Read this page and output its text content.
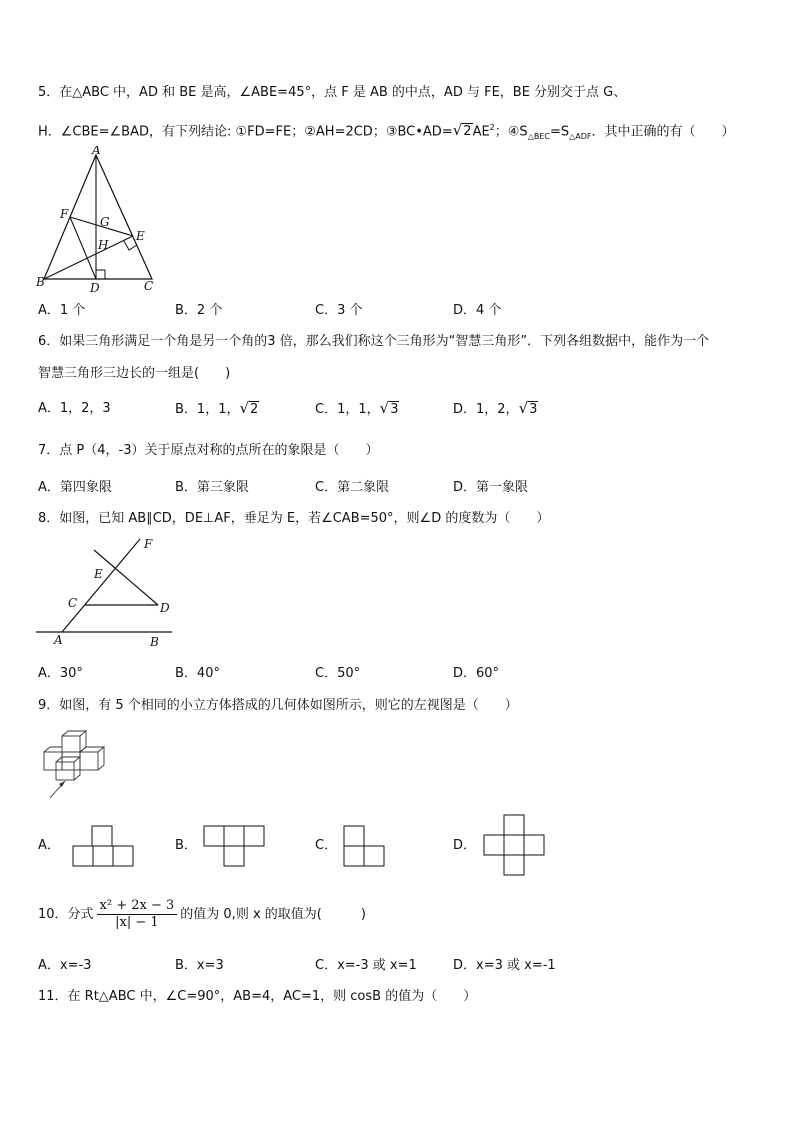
5．在△ABC 中，AD 和 BE 是高，∠ABE=45°，点 F 是 AB 的中点，AD 与 FE，BE 分别交于点 G、
H．∠CBE=∠BAD，有下列结论: ①FD=FE；②AH=2CD；③BC•AD= √ 2 $AE^2$；$④S_{\triangle BEC}=S_{\triangle ADF}$．其中正确的有（　　）
A
F
G
E
H
B	D	C
A．1 个	B．2 个	C．3 个	D．4 个
6．如果三角形满足一个角是另一个角的3 倍，那么我们称这个三角形为“智慧三角形”．下列各组数据中，能作为一个
智慧三角形三边长的一组是(　　)
A．1，2，3	B．1，1， √ 2	C．1，1， √ 3	D．1，2， √ 3
7．点 P（4，-3）关于原点对称的点所在的象限是（　　）
A．第四象限	B．第三象限	C．第二象限	D．第一象限
8．如图，已知 AB∥CD，DE⊥AF，垂足为 E，若∠CAB=50°，则∠D 的度数为（　　）
F
E
C	D
A	B
A．30°	B．40°	C．50°	D．60°
9．如图，有 5 个相同的小立方体搭成的几何体如图所示，则它的左视图是（　　）
A．	B．	C．	D．
10．分式 $\frac{\text{x² + 2x − 3}}{|x| - 1}$ 的值为 0,则 x 的取值为(　　　)
A．x=-3	B．x=3	C．x=-3 或 x=1	D．x=3 或 x=-1
11．在 Rt△ABC 中，∠C=90°，AB=4，AC=1，则 cosB 的值为（　　）
